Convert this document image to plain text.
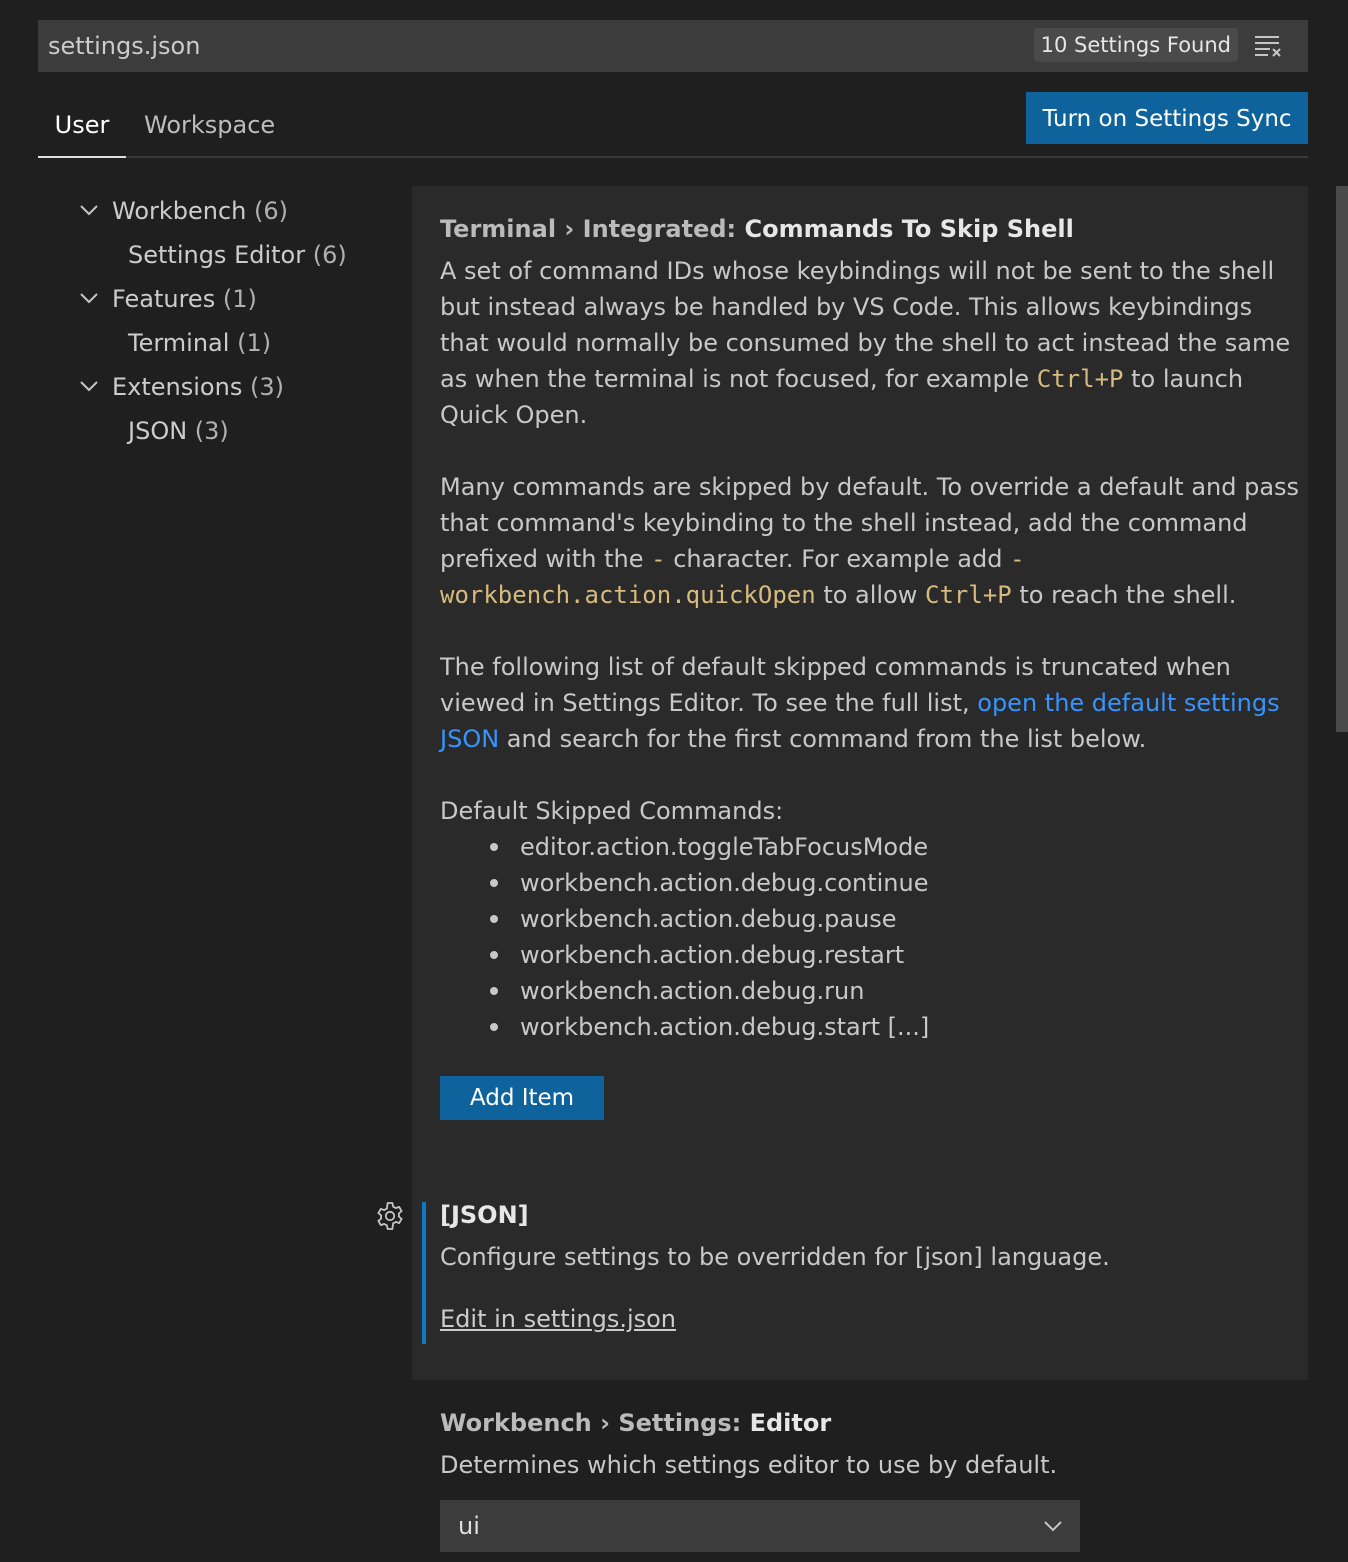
settings.json
10 Settings Found
User	Workspace	Turn on Settings Sync
Workbench (6)
Settings Editor (6)
Features (1)
Terminal (1)
Extensions (3)
JSON (3)
Terminal › Integrated: Commands To Skip Shell
A set of command IDs whose keybindings will not be sent to the shell but instead always be handled by VS Code. This allows keybindings that would normally be consumed by the shell to act instead the same as when the terminal is not focused, for example Ctrl+P to launch Quick Open.
Many commands are skipped by default. To override a default and pass that command's keybinding to the shell instead, add the command prefixed with the - character. For example add -workbench.action.quickOpen to allow Ctrl+P to reach the shell.
The following list of default skipped commands is truncated when viewed in Settings Editor. To see the full list, open the default settings JSON and search for the first command from the list below.
Default Skipped Commands:
editor.action.toggleTabFocusMode
workbench.action.debug.continue
workbench.action.debug.pause
workbench.action.debug.restart
workbench.action.debug.run
workbench.action.debug.start [...]
Add Item
[JSON]
Configure settings to be overridden for [json] language.
Edit in settings.json
Workbench › Settings: Editor
Determines which settings editor to use by default.
ui
